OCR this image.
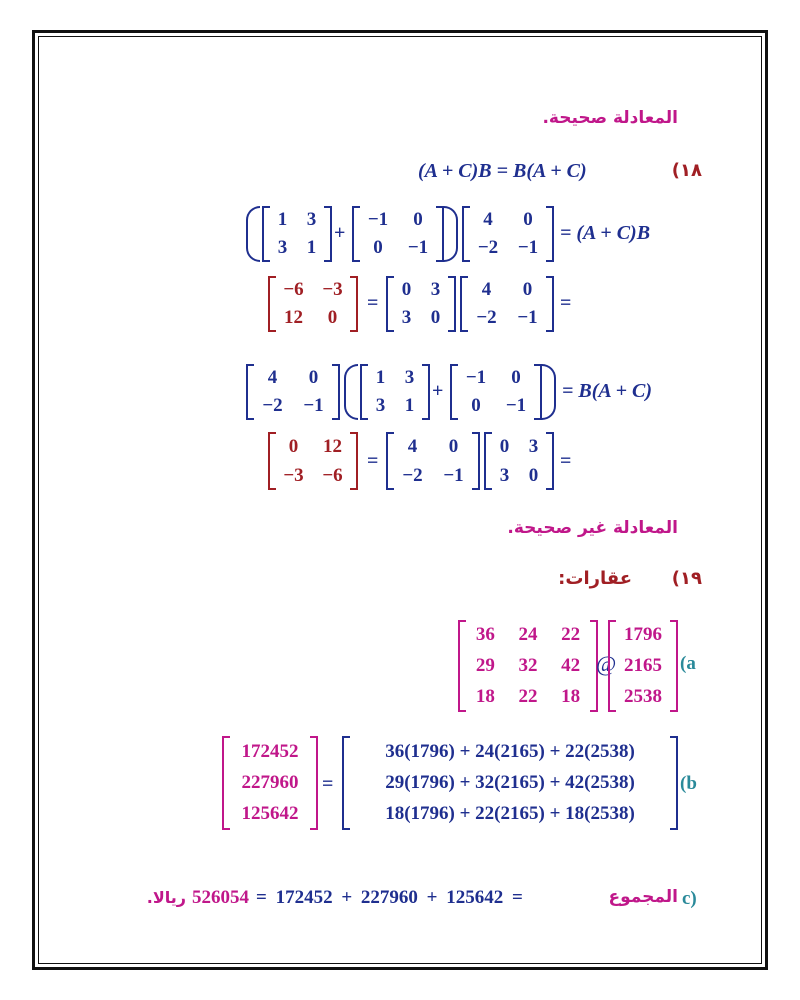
المعادلة صحيحة.
١٨)
(A + C)B = B(A + C)
1	3
3	1
+
−1	0
0	−1
4	0
−2	−1
= (A + C)B
−6 −3
12	0
=
0	3
3	0
4	0
−2	−1
=
4	0
−2	−1
1	3
3	1
+
−1	0
0	−1
= B(A + C)
0	12
−3 −6
=
4	0
−2	−1
0	3
3	0
=
المعادلة غير صحيحة.
١٩)
عقارات:
36	24	22
29	32	42
18	22	18
@
1796
2165
2538
(a
172452
227960
125642
=
36(1796) + 24(2165) + 22(2538)
29(1796) + 32(2165) + 42(2538)
18(1796) + 22(2165) + 18(2538)
(b
c)
المجموع
= 172452 + 227960 + 125642 =
526054
ريالا.
